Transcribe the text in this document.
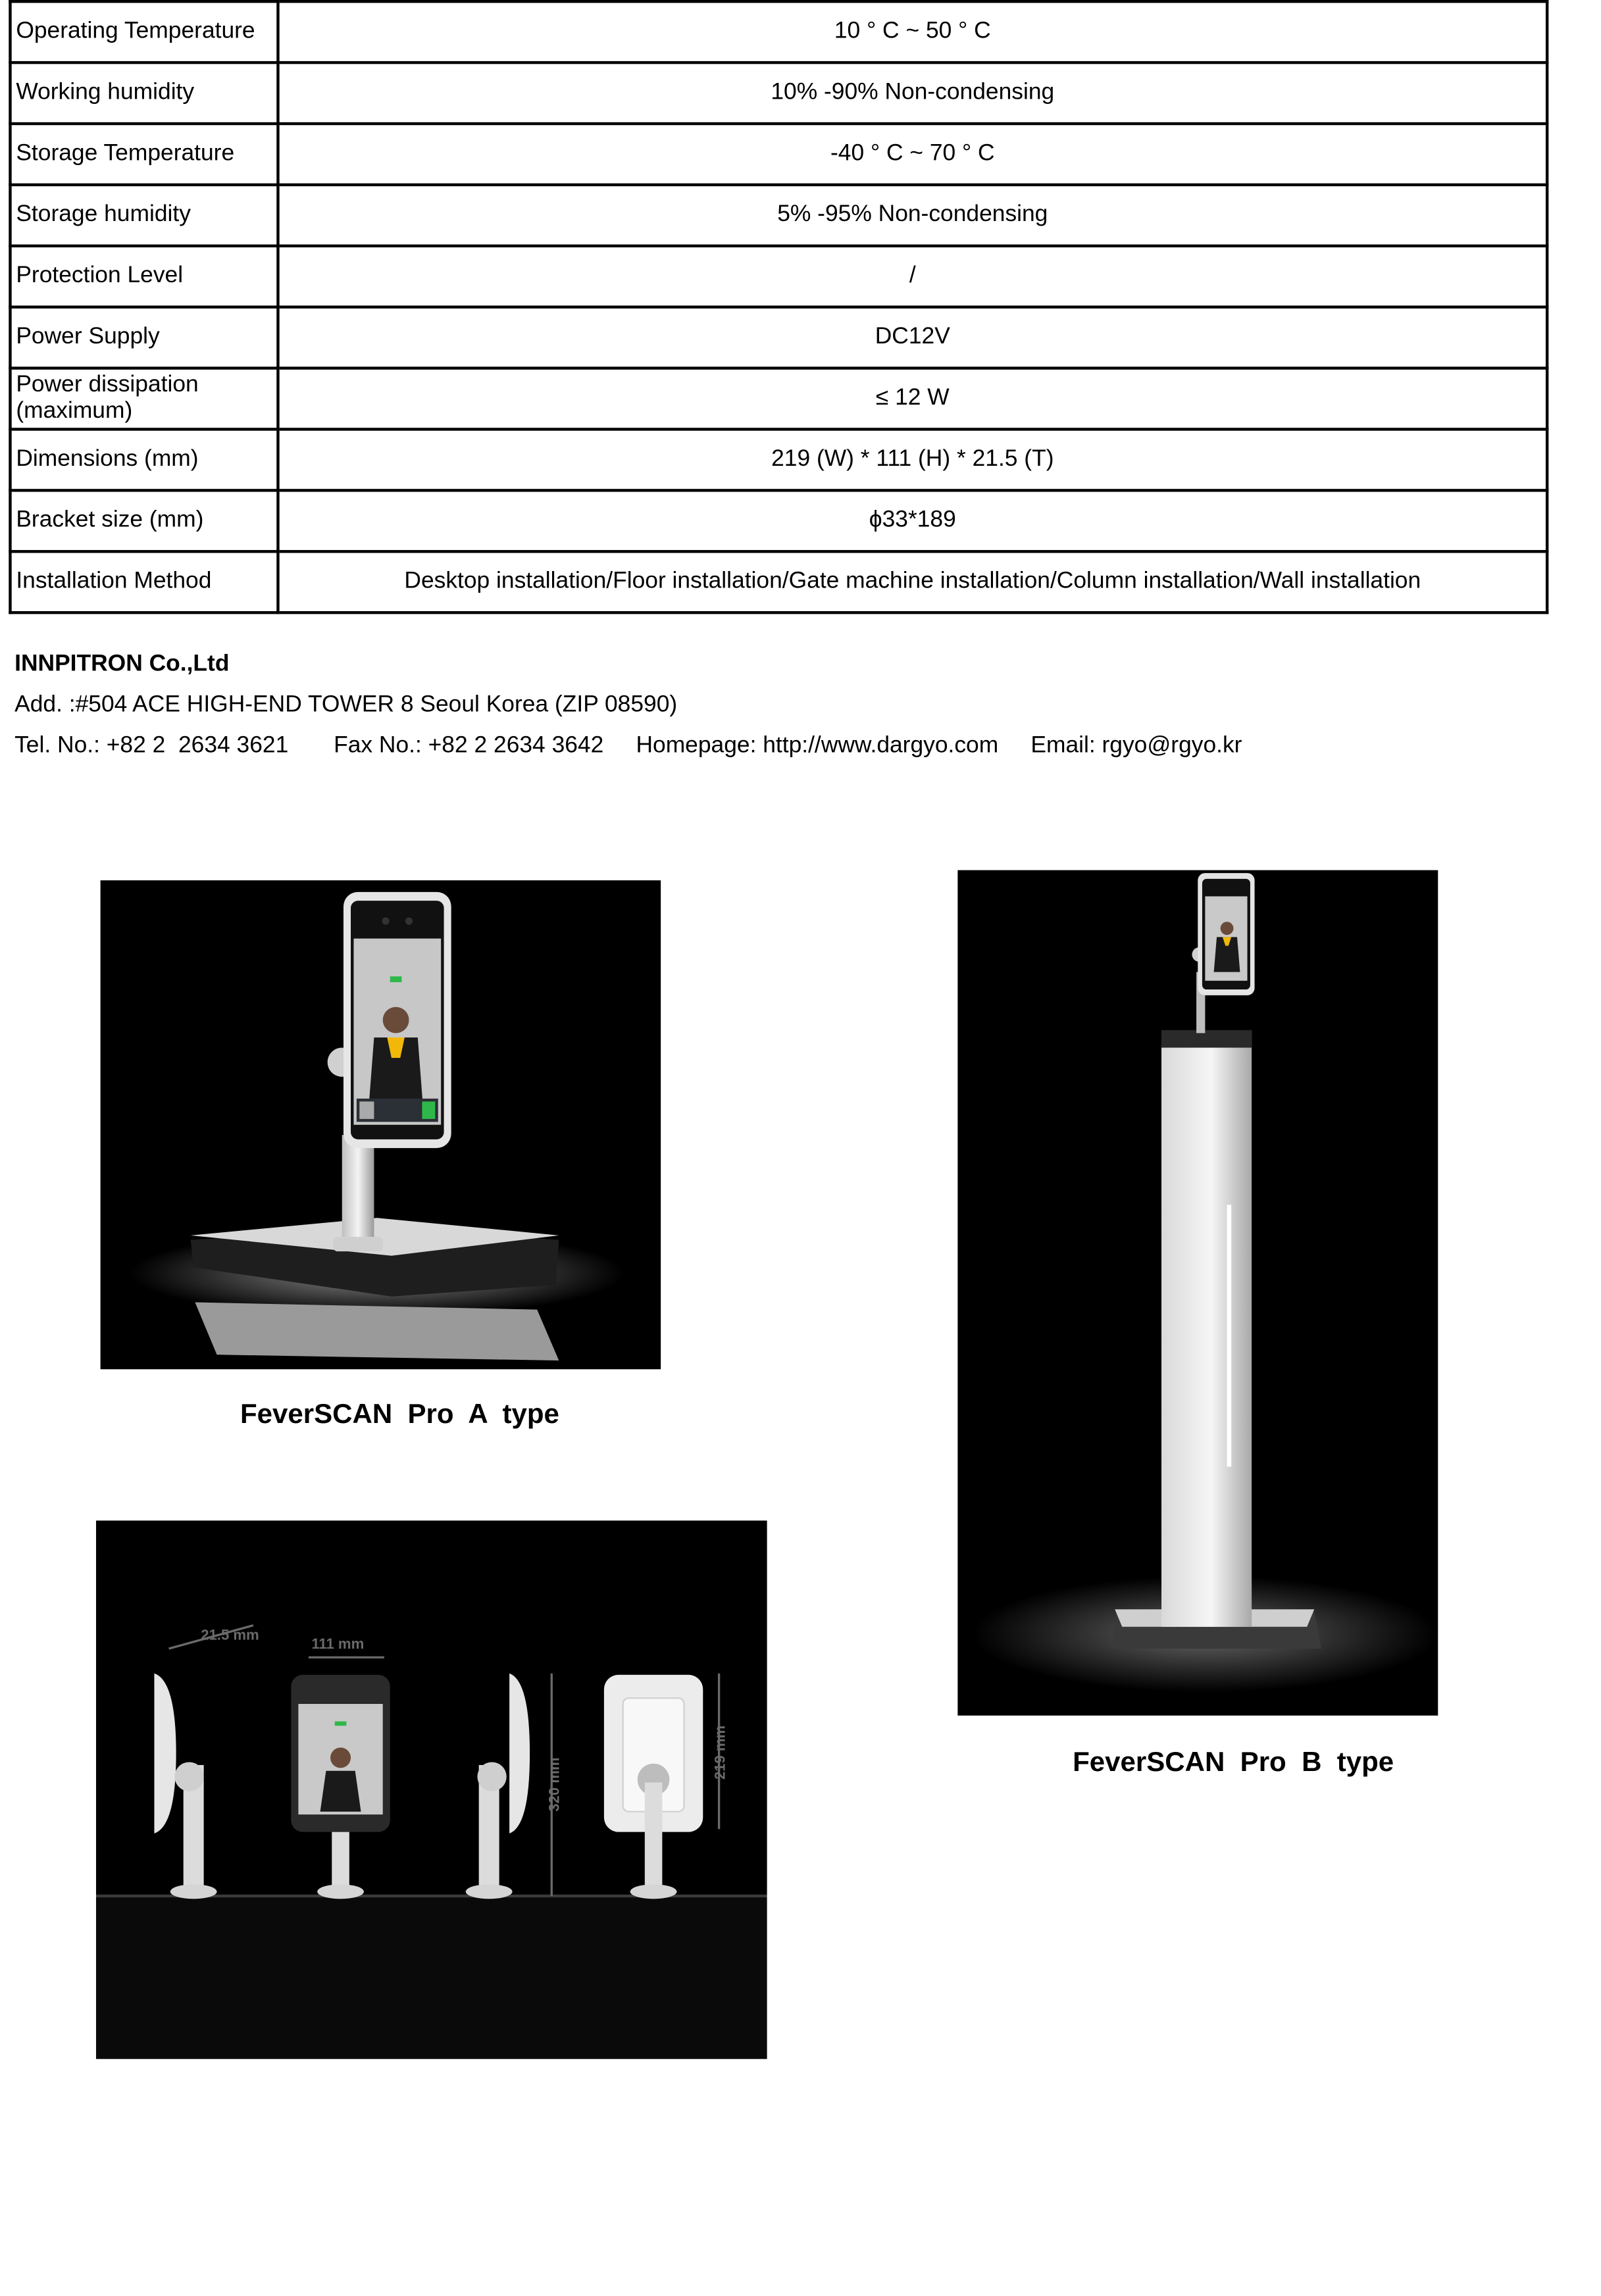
Operating Temperature	10 ° C ~ 50 ° C
Working humidity	10% -90% Non-condensing
Storage Temperature	-40 ° C ~ 70 ° C
Storage humidity	5% -95% Non-condensing
Protection Level	/
Power Supply	DC12V
Power dissipation (maximum)	≤ 12 W
Dimensions (mm)	219 (W) * 111 (H) * 21.5 (T)
Bracket size (mm)	ϕ33*189
Installation Method	Desktop installation/Floor installation/Gate machine installation/Column installation/Wall installation
INNPITRON Co.,Ltd
Add. :#504 ACE HIGH-END TOWER 8 Seoul Korea (ZIP 08590)
Tel. No.: +82 2  2634 3621       Fax No.: +82 2 2634 3642     Homepage: http://www.dargyo.com     Email: rgyo@rgyo.kr
FeverSCAN  Pro  A  type
FeverSCAN  Pro  B  type
21.5 mm
111 mm
320 mm
219 mm
